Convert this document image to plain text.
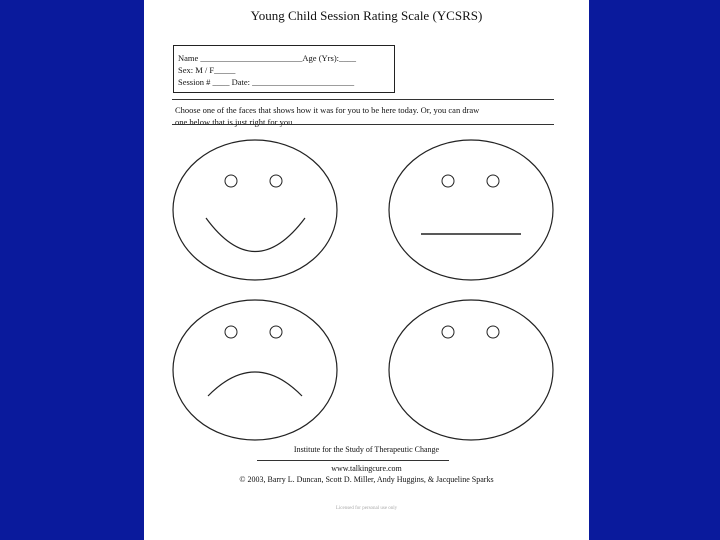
Young Child Session Rating Scale (YCSRS)
Name ________________________Age (Yrs):____
Sex: M / F_____
Session # ____ Date: ________________________
Choose one of the faces that shows how it was for you to be here today. Or, you can draw
one below that is just right for you.
Institute for the Study of Therapeutic Change
www.talkingcure.com
© 2003, Barry L. Duncan, Scott D. Miller, Andy Huggins, & Jacqueline Sparks
Licensed for personal use only
